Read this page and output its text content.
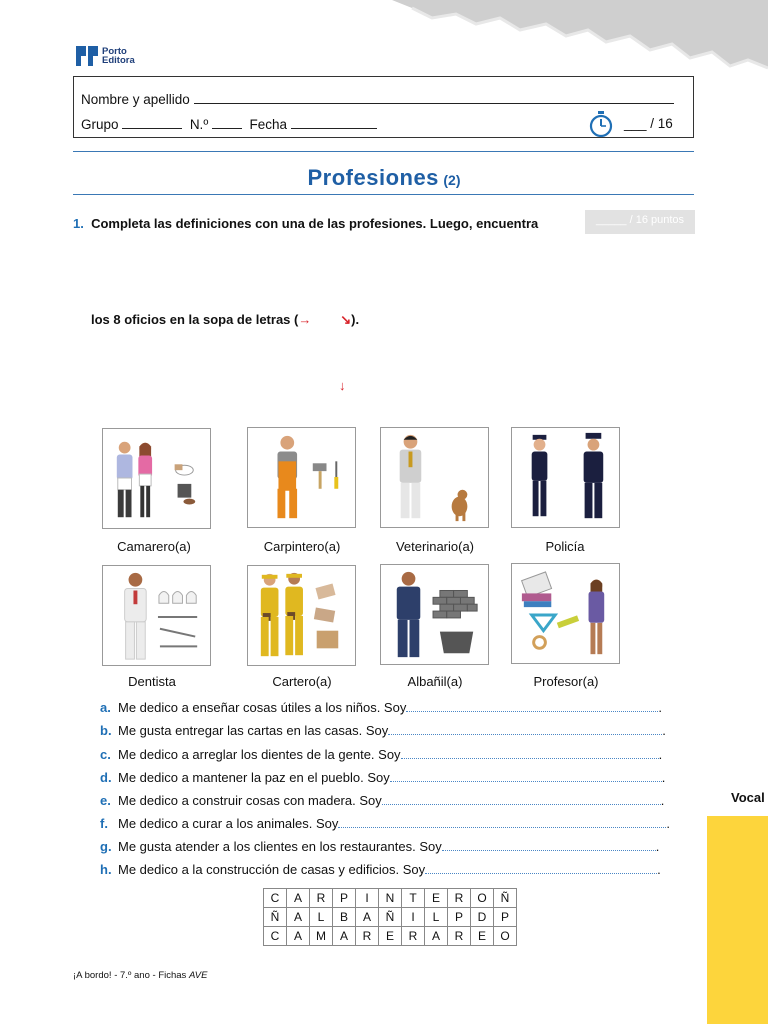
Porto
Editora
Nombre y apellido
Grupo	N.º	Fecha	___ / 16
Profesiones (2)
1. Completa las definiciones con una de las profesiones. Luego, encuentra	_____ / 16 puntos
los 8 oficios en la sopa de letras (→ ↘).
↓
Camarero(a)	Carpintero(a)	Veterinario(a)	Policía
Dentista	Cartero(a)	Albañil(a)	Profesor(a)
a. Me dedico a enseñar cosas útiles a los niños. Soy	.
b. Me gusta entregar las cartas en las casas. Soy	.
c. Me dedico a arreglar los dientes de la gente. Soy	.
d. Me dedico a mantener la paz en el pueblo. Soy	.
e. Me dedico a construir cosas con madera. Soy	.
f. Me dedico a curar a los animales. Soy	.
g. Me gusta atender a los clientes en los restaurantes. Soy	.
h. Me dedico a la construcción de casas y edificios. Soy	.
C	A	R	P	I	N	T	E	R	O	Ñ
Ñ	A	L	B	A	Ñ	I	L	P	D	P
C	A	M	A	R	E	R	A	R	E	O
¡A bordo! - 7.º ano - Fichas AVE
Vocal
